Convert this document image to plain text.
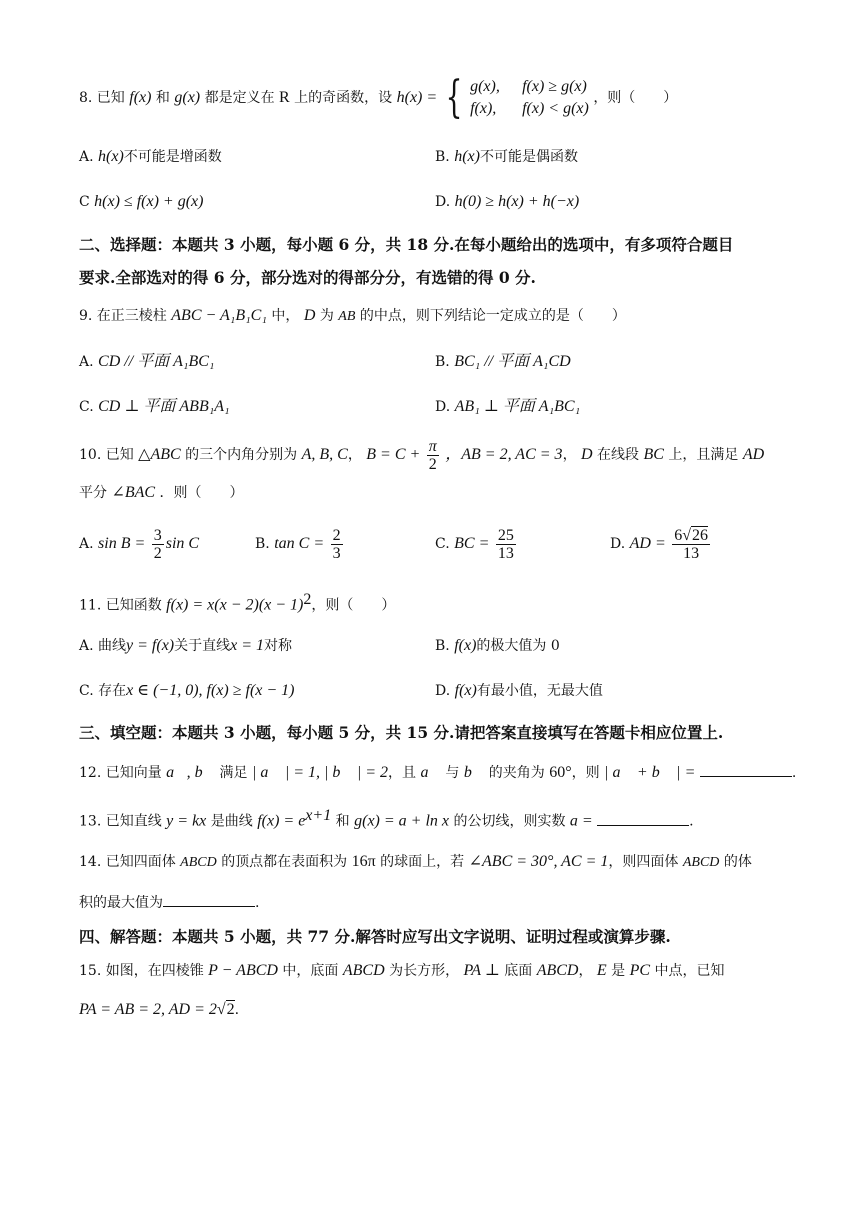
8. 已知 f(x) 和 g(x) 都是定义在 R 上的奇函数，设 h(x) = { g(x), f(x) ≥ g(x)
f(x), f(x) < g(x)
，则（　　）
A. h(x)不可能是增函数	B. h(x)不可能是偶函数
C h(x) ≤ f(x) + g(x)	D. h(0) ≥ h(x) + h(−x)
二、选择题：本题共 3 小题，每小题 6 分，共 18 分.在每小题给出的选项中，有多项符合题目
要求.全部选对的得 6 分，部分选对的得部分分，有选错的得 0 分.
9. 在正三棱柱 ABC − A₁B₁C₁ 中， D 为 AB 的中点，则下列结论一定成立的是（　　）
A. CD // 平面 A₁BC₁	B. BC₁ // 平面 A₁CD
C. CD ⊥ 平面 ABB₁A₁	D. AB₁ ⊥ 平面 A₁BC₁
10. 已知 △ABC 的三个内角分别为 A, B, C， $B = C + \frac{\pi}{2}$ ，AB = 2, AC = 3， D 在线段 BC 上，且满足 AD
平分 ∠BAC ．则（　　）
A. $\sin B = \frac{3}{2}$ sin C	B. $\tan C = \frac{2}{3}$	C. BC = $\frac{25}{13}$	D. AD = $\frac{6√26}{13}$
11. 已知函数 $f(x) = x(x - 2)(x - 1)^2$，则（　　）
A. 曲线y = f(x)关于直线x = 1对称	B. f(x)的极大值为 0
C. 存在x ∈ (−1, 0), f(x) ≥ f(x − 1)	D. f(x)有最小值，无最大值
三、填空题：本题共 3 小题，每小题 5 分，共 15 分.请把答案直接填写在答题卡相应位置上.
12. 已知向量 a⃗, b⃗ 满足 | a⃗ | = 1, | b⃗ | = 2，且 a⃗ 与 b⃗ 的夹角为 60°，则 | a⃗ + b⃗ | =	.
13. 已知直线 y = kx 是曲线 $f(x) = e^{x+1}$ 和 g(x) = a + ln x 的公切线，则实数 a =	.
14. 已知四面体 ABCD 的顶点都在表面积为 16π 的球面上，若 ∠ABC = 30°, AC = 1，则四面体 ABCD 的体
积的最大值为	.
四、解答题：本题共 5 小题，共 77 分.解答时应写出文字说明、证明过程或演算步骤.
15. 如图，在四棱锥 P − ABCD 中，底面 ABCD 为长方形， PA ⊥ 底面 ABCD， E 是 PC 中点，已知
PA = AB = 2, AD = 2√2.
